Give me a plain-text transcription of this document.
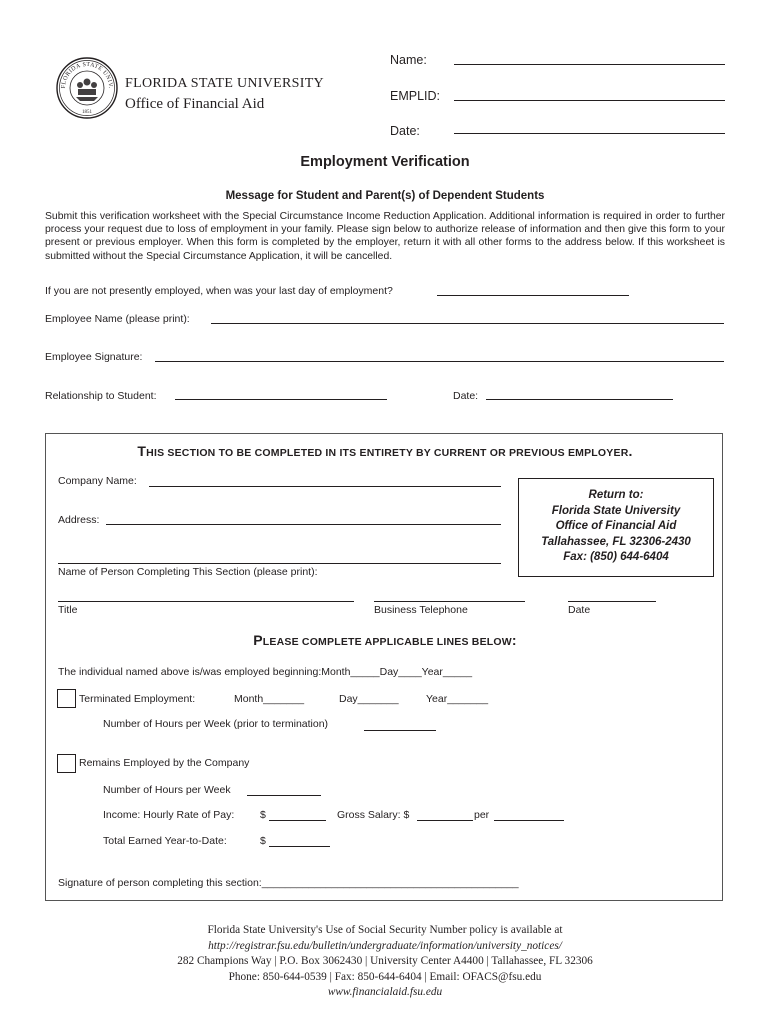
FLORIDA STATE UNIV.
1851
FLORIDA STATE UNIVERSITY
Office of Financial Aid
Name:
EMPLID:
Date:
Employment Verification
Message for Student and Parent(s) of Dependent Students
Submit this verification worksheet with the Special Circumstance Income Reduction Application. Additional information is required in order to further process your request due to loss of employment in your family. Please sign below to authorize release of information and then give this form to your present or previous employer. When this form is completed by the employer, return it with all other forms to the address below. If this worksheet is submitted without the Special Circumstance Application, it will be cancelled.
If you are not presently employed, when was your last day of employment?
Employee Name (please print):
Employee Signature:
Relationship to Student:	Date:
THIS SECTION TO BE COMPLETED IN ITS ENTIRETY BY CURRENT OR PREVIOUS EMPLOYER.
Company Name:
Address:
Name of Person Completing This Section (please print):
Return to:
Florida State University
Office of Financial Aid
Tallahassee, FL 32306-2430
Fax: (850) 644-6404
Title	Business Telephone	Date
PLEASE COMPLETE APPLICABLE LINES BELOW:
The individual named above is/was employed beginning:Month_____Day____Year_____
Terminated Employment:	Month_______	Day_______	Year_______
Number of Hours per Week (prior to termination)
Remains Employed by the Company
Number of Hours per Week
Income: Hourly Rate of Pay: $	Gross Salary: $	per
Total Earned Year-to-Date:	$
Signature of person completing this section:____________________________________________
Florida State University's Use of Social Security Number policy is available at
http://registrar.fsu.edu/bulletin/undergraduate/information/university_notices/
282 Champions Way | P.O. Box 3062430 | University Center A4400 | Tallahassee, FL 32306
Phone: 850-644-0539 | Fax: 850-644-6404 | Email: OFACS@fsu.edu
www.financialaid.fsu.edu
